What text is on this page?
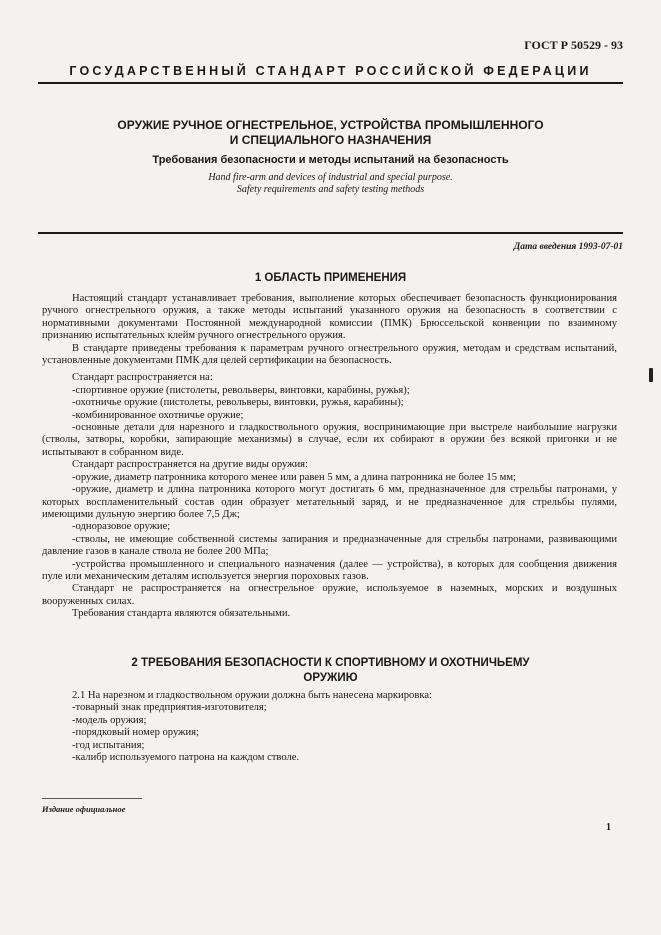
ГОСТ Р 50529 - 93
ГОСУДАРСТВЕННЫЙ СТАНДАРТ РОССИЙСКОЙ ФЕДЕРАЦИИ
ОРУЖИЕ РУЧНОЕ ОГНЕСТРЕЛЬНОЕ, УСТРОЙСТВА ПРОМЫШЛЕННОГО
И СПЕЦИАЛЬНОГО НАЗНАЧЕНИЯ
Требования безопасности и методы испытаний на безопасность
Hand fire-arm and devices of industrial and special purpose.
Safety requirements and safety testing methods
Дата введения 1993-07-01
1 ОБЛАСТЬ ПРИМЕНЕНИЯ

Настоящий стандарт устанавливает требования, выполнение которых обеспечивает безопасность функционирования ручного огнестрельного оружия, а также методы испытаний указанного оружия на безопасность в соответствии с нормативными документами Постоянной международной комиссии (ПМК) Брюссельской конвенции по взаимному признанию испытательных клейм ручного огнестрельного оружия.

В стандарте приведены требования к параметрам ручного огнестрельного оружия, методам и средствам испытаний, установленные документами ПМК для целей сертификации на безопасность.

Стандарт распространяется на:

-спортивное оружие (пистолеты, револьверы, винтовки, карабины, ружья);

-охотничье оружие (пистолеты, револьверы, винтовки, ружья, карабины);

-комбинированное охотничье оружие;

-основные детали для нарезного и гладкоствольного оружия, воспринимающие при выстреле наибольшие нагрузки (стволы, затворы, коробки, запирающие механизмы) в случае, если их собирают в оружии без всякой пригонки и не испытывают в собранном виде.

Стандарт распространяется на другие виды оружия:

-оружие, диаметр патронника которого менее или равен 5 мм, а длина патронника не более 15 мм;

-оружие, диаметр и длина патронника которого могут достигать 6 мм, предназначенное для стрельбы патронами, у которых воспламенительный состав один образует метательный заряд, и не предназначенное для стрельбы пулями, имеющими дульную энергию более 7,5 Дж;

-одноразовое оружие;

-стволы, не имеющие собственной системы запирания и предназначенные для стрельбы патронами, развивающими давление газов в канале ствола не более 200 МПа;

-устройства промышленного и специального назначения (далее — устройства), в которых для сообщения движения пуле или механическим деталям используется энергия пороховых газов.

Стандарт не распространяется на огнестрельное оружие, используемое в наземных, морских и воздушных вооруженных силах.

Требования стандарта являются обязательными.

2 ТРЕБОВАНИЯ БЕЗОПАСНОСТИ К СПОРТИВНОМУ И ОХОТНИЧЬЕМУ
ОРУЖИЮ

2.1 На нарезном и гладкоствольном оружии должна быть нанесена маркировка:

-товарный знак предприятия-изготовителя;

-модель оружия;

-порядковый номер оружия;

-год испытания;

-калибр используемого патрона на каждом стволе.

Издание официальное
1
